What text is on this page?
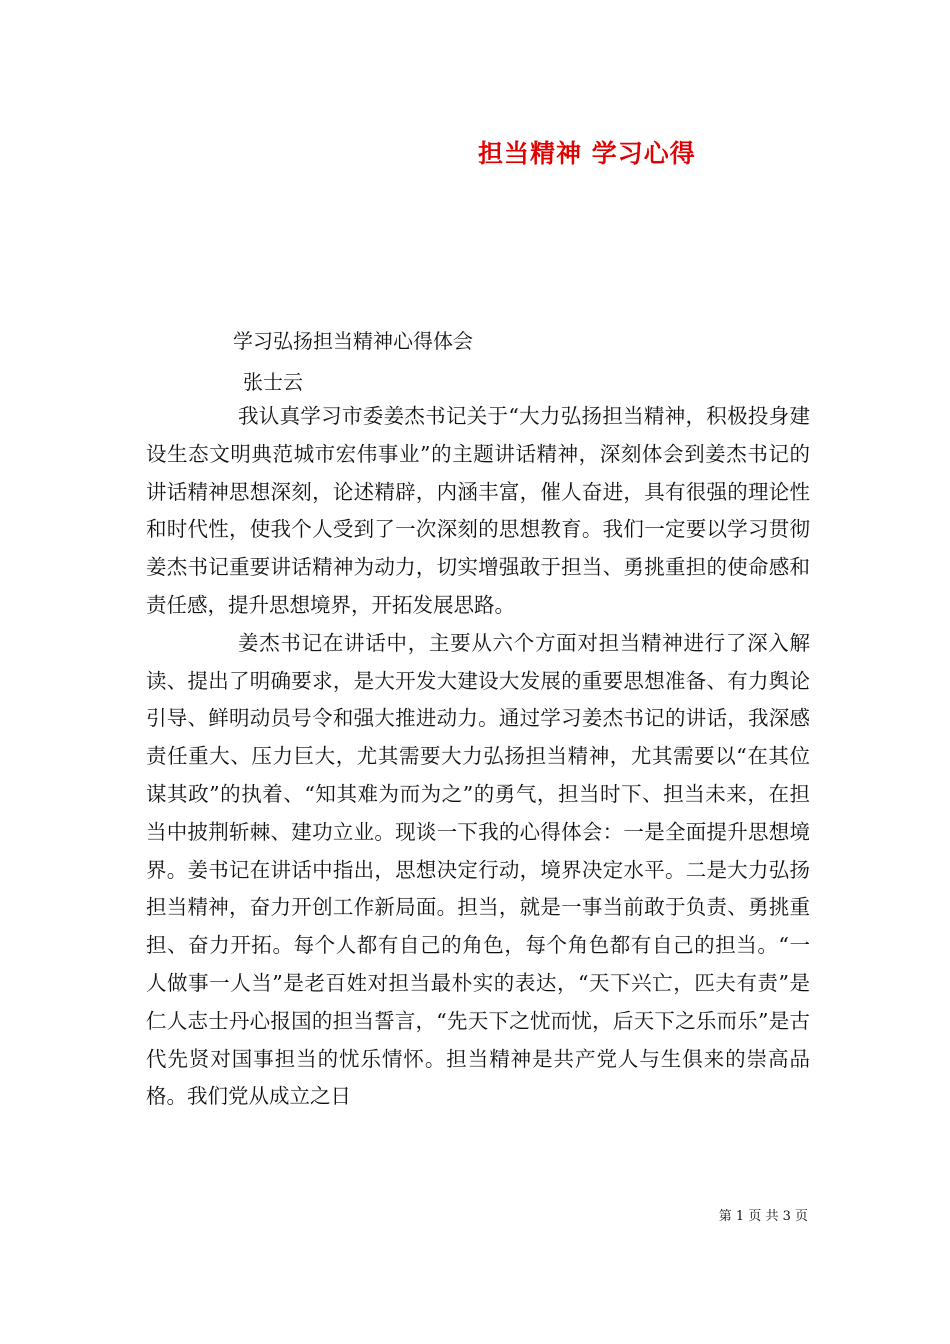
担当精神 学习心得

学习弘扬担当精神心得体会

张士云

我认真学习市委姜杰书记关于“大力弘扬担当精神，积极投身建设生态文明典范城市宏伟事业”的主题讲话精神，深刻体会到姜杰书记的讲话精神思想深刻，论述精辟，内涵丰富，催人奋进，具有很强的理论性和时代性，使我个人受到了一次深刻的思想教育。我们一定要以学习贯彻姜杰书记重要讲话精神为动力，切实增强敢于担当、勇挑重担的使命感和责任感，提升思想境界，开拓发展思路。

姜杰书记在讲话中，主要从六个方面对担当精神进行了深入解读、提出了明确要求，是大开发大建设大发展的重要思想准备、有力舆论引导、鲜明动员号令和强大推进动力。通过学习姜杰书记的讲话，我深感责任重大、压力巨大，尤其需要大力弘扬担当精神，尤其需要以“在其位谋其政”的执着、“知其难为而为之”的勇气，担当时下、担当未来，在担当中披荆斩棘、建功立业。现谈一下我的心得体会：一是全面提升思想境界。姜书记在讲话中指出，思想决定行动，境界决定水平。二是大力弘扬担当精神，奋力开创工作新局面。担当，就是一事当前敢于负责、勇挑重担、奋力开拓。每个人都有自己的角色，每个角色都有自己的担当。“一人做事一人当”是老百姓对担当最朴实的表达，“天下兴亡，匹夫有责”是仁人志士丹心报国的担当誓言，“先天下之忧而忧，后天下之乐而乐”是古代先贤对国事担当的忧乐情怀。担当精神是共产党人与生俱来的崇高品格。我们党从成立之日

第 1 页 共 3 页
